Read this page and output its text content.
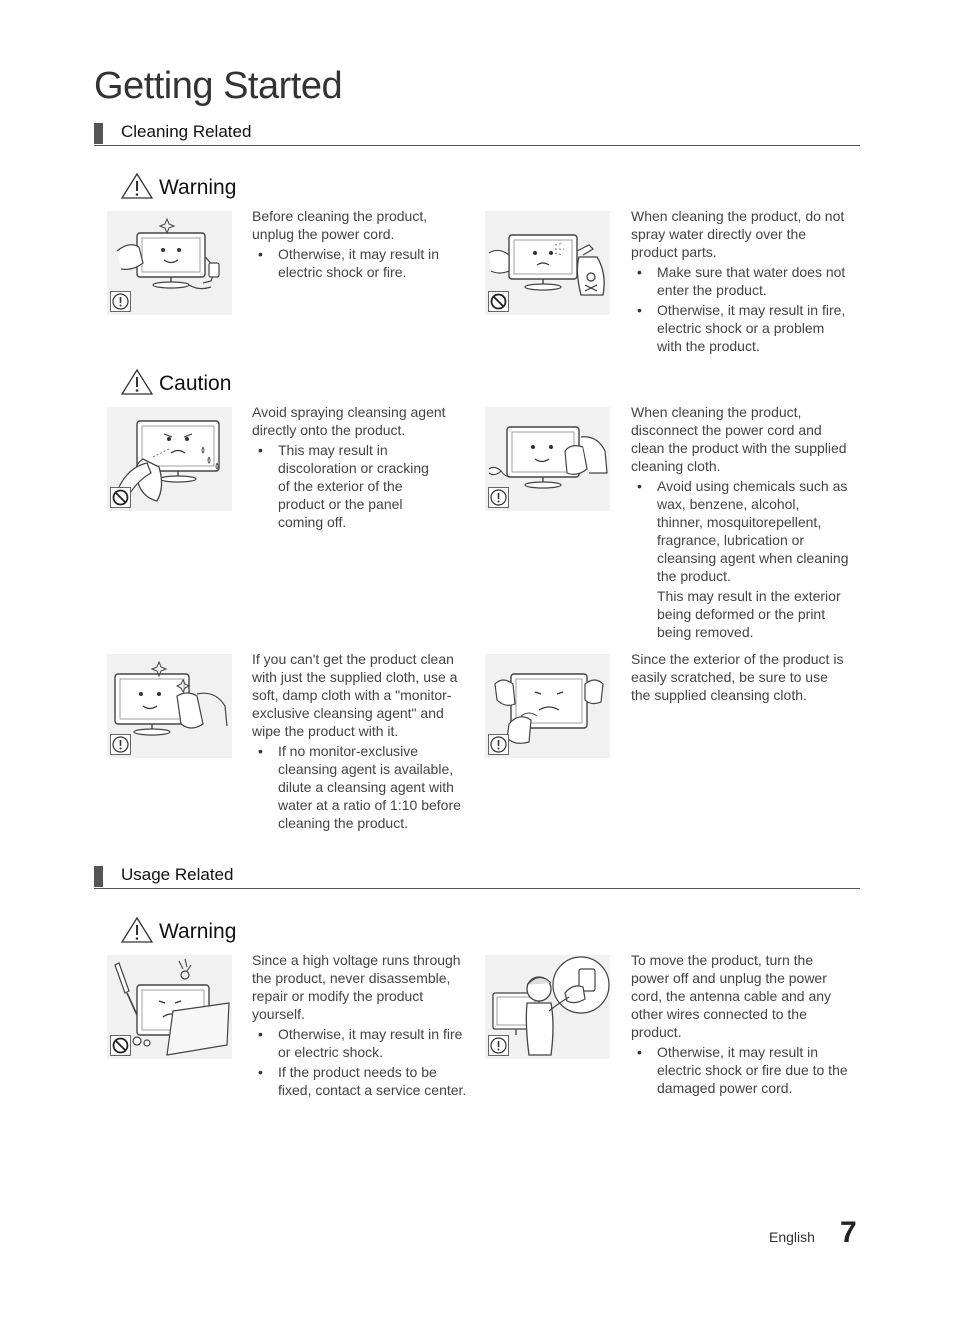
Getting Started
Cleaning Related
Warning

Before cleaning the product, unplug the power cord.

• Otherwise, it may result in electric shock or fire.

When cleaning the product, do not spray water directly over the product parts.

• Make sure that water does not enter the product.
• Otherwise, it may result in fire, electric shock or a problem with the product.
Caution

Avoid spraying cleansing agent directly onto the product.

• This may result in discoloration or cracking of the exterior of the product or the panel coming off.

When cleaning the product, disconnect the power cord and clean the product with the supplied cleaning cloth.

• Avoid using chemicals such as wax, benzene, alcohol, thinner, mosquitorepellent, fragrance, lubrication or cleansing agent when cleaning the product.

This may result in the exterior being deformed or the print being removed.

If you can't get the product clean with just the supplied cloth, use a soft, damp cloth with a "monitor-exclusive cleansing agent" and wipe the product with it.

• If no monitor-exclusive cleansing agent is available, dilute a cleansing agent with water at a ratio of 1:10 before cleaning the product.

Since the exterior of the product is easily scratched, be sure to use the supplied cleansing cloth.

Usage Related
Warning

Since a high voltage runs through the product, never disassemble, repair or modify the product yourself.

• Otherwise, it may result in fire or electric shock.
• If the product needs to be fixed, contact a service center.

To move the product, turn the power off and unplug the power cord, the antenna cable and any other wires connected to the product.

• Otherwise, it may result in electric shock or fire due to the damaged power cord.
English 7
